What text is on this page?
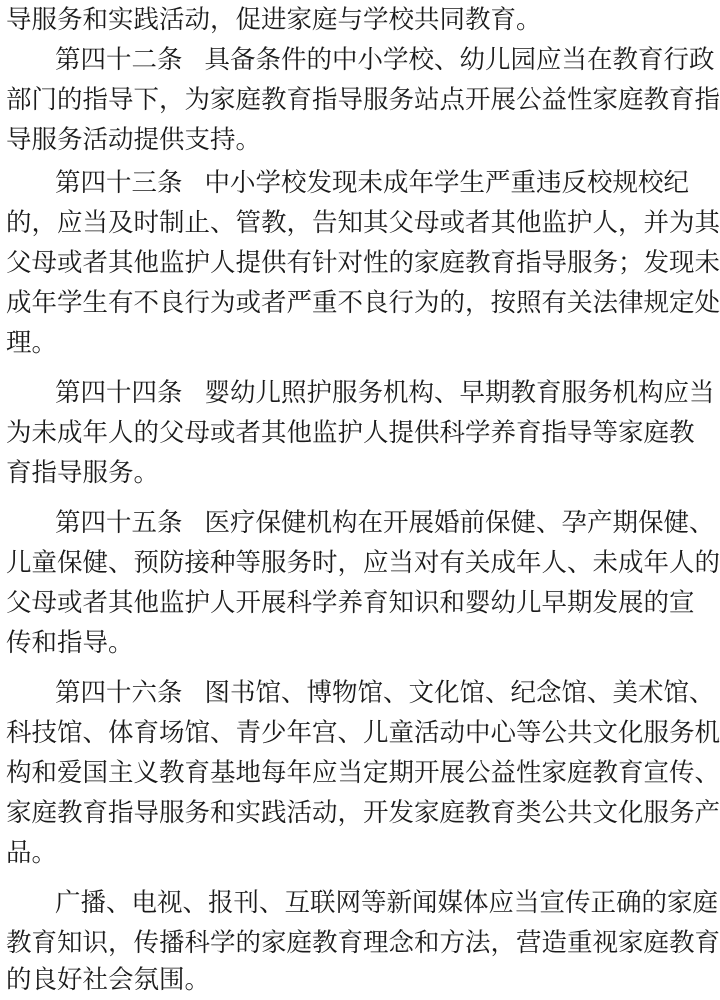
导服务和实践活动，促进家庭与学校共同教育。
第四十二条 具备条件的中小学校、幼儿园应当在教育行政
部门的指导下，为家庭教育指导服务站点开展公益性家庭教育指
导服务活动提供支持。
第四十三条 中小学校发现未成年学生严重违反校规校纪
的，应当及时制止、管教，告知其父母或者其他监护人，并为其
父母或者其他监护人提供有针对性的家庭教育指导服务；发现未
成年学生有不良行为或者严重不良行为的，按照有关法律规定处
理。
第四十四条 婴幼儿照护服务机构、早期教育服务机构应当
为未成年人的父母或者其他监护人提供科学养育指导等家庭教
育指导服务。
第四十五条 医疗保健机构在开展婚前保健、孕产期保健、
儿童保健、预防接种等服务时，应当对有关成年人、未成年人的
父母或者其他监护人开展科学养育知识和婴幼儿早期发展的宣
传和指导。
第四十六条 图书馆、博物馆、文化馆、纪念馆、美术馆、
科技馆、体育场馆、青少年宫、儿童活动中心等公共文化服务机
构和爱国主义教育基地每年应当定期开展公益性家庭教育宣传、
家庭教育指导服务和实践活动，开发家庭教育类公共文化服务产
品。
广播、电视、报刊、互联网等新闻媒体应当宣传正确的家庭
教育知识，传播科学的家庭教育理念和方法，营造重视家庭教育
的良好社会氛围。
